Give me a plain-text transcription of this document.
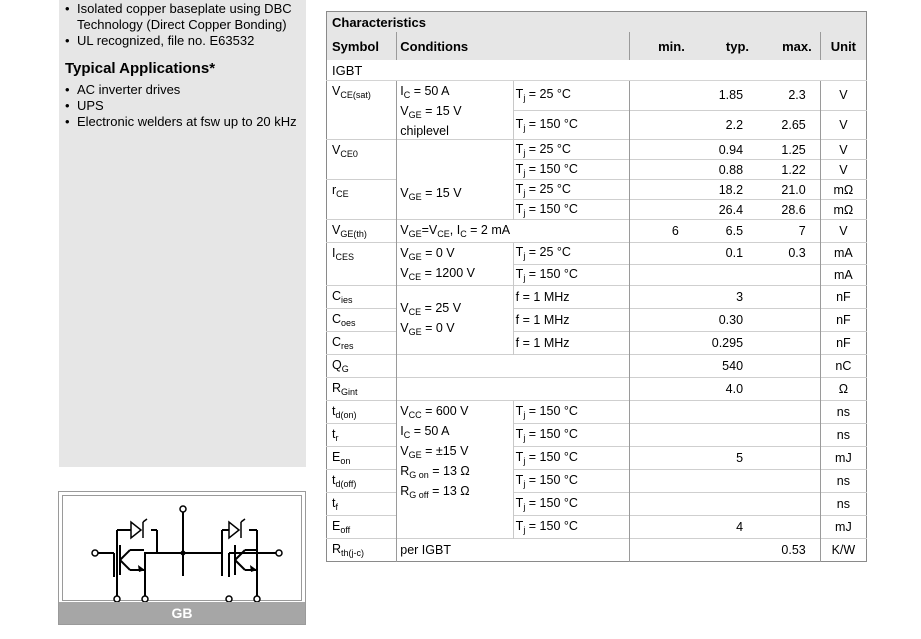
• Isolated copper baseplate using DBC Technology (Direct Copper Bonding)
• UL recognized, file no. E63532
Typical Applications*
• AC inverter drives
• UPS
• Electronic welders at fsw up to 20 kHz
GB
Characteristics						
Symbol	Conditions		min.	typ.	max.	Unit
IGBT						
$V_{CE(sat)}$	$I_C = 50$ A
$V_{GE} = 15$ V
chiplevel	$T_j = 25$ °C		1.85	2.3	V
		$T_j = 150$ °C		2.2	2.65	V
$V_{CE0}$	$V_{GE} = 15$ V	$T_j = 25$ °C		0.94	1.25	V
		$T_j = 150$ °C		0.88	1.22	V
$r_{CE}$		$T_j = 25$ °C		18.2	21.0	mΩ
		$T_j = 150$ °C		26.4	28.6	mΩ
$V_{GE(th)}$	$V_{GE}=V_{CE}$, $I_C = 2$ mA		6	6.5	7	V
$I_{CES}$	$V_{GE} = 0$ V
$V_{CE} = 1200$ V	$T_j = 25$ °C		0.1	0.3	mA
		$T_j = 150$ °C				mA
$C_{ies}$	$V_{CE} = 25$ V
$V_{GE} = 0$ V	f = 1 MHz		3		nF
$C_{oes}$		f = 1 MHz		0.30		nF
$C_{res}$		f = 1 MHz		0.295		nF
$Q_G$				540		nC
$R_{Gint}$				4.0		Ω
$t_{d(on)}$	$V_{CC} = 600$ V
$I_C = 50$ A
$V_{GE} = \pm 15$ V
$R_{G on} = 13$ Ω
$R_{G off} = 13$ Ω	$T_j = 150$ °C				ns
$t_r$		$T_j = 150$ °C				ns
$E_{on}$		$T_j = 150$ °C		5		mJ
$t_{d(off)}$		$T_j = 150$ °C				ns
$t_f$		$T_j = 150$ °C				ns
$E_{off}$		$T_j = 150$ °C		4		mJ
$R_{th(j-c)}$	per IGBT				0.53	K/W
